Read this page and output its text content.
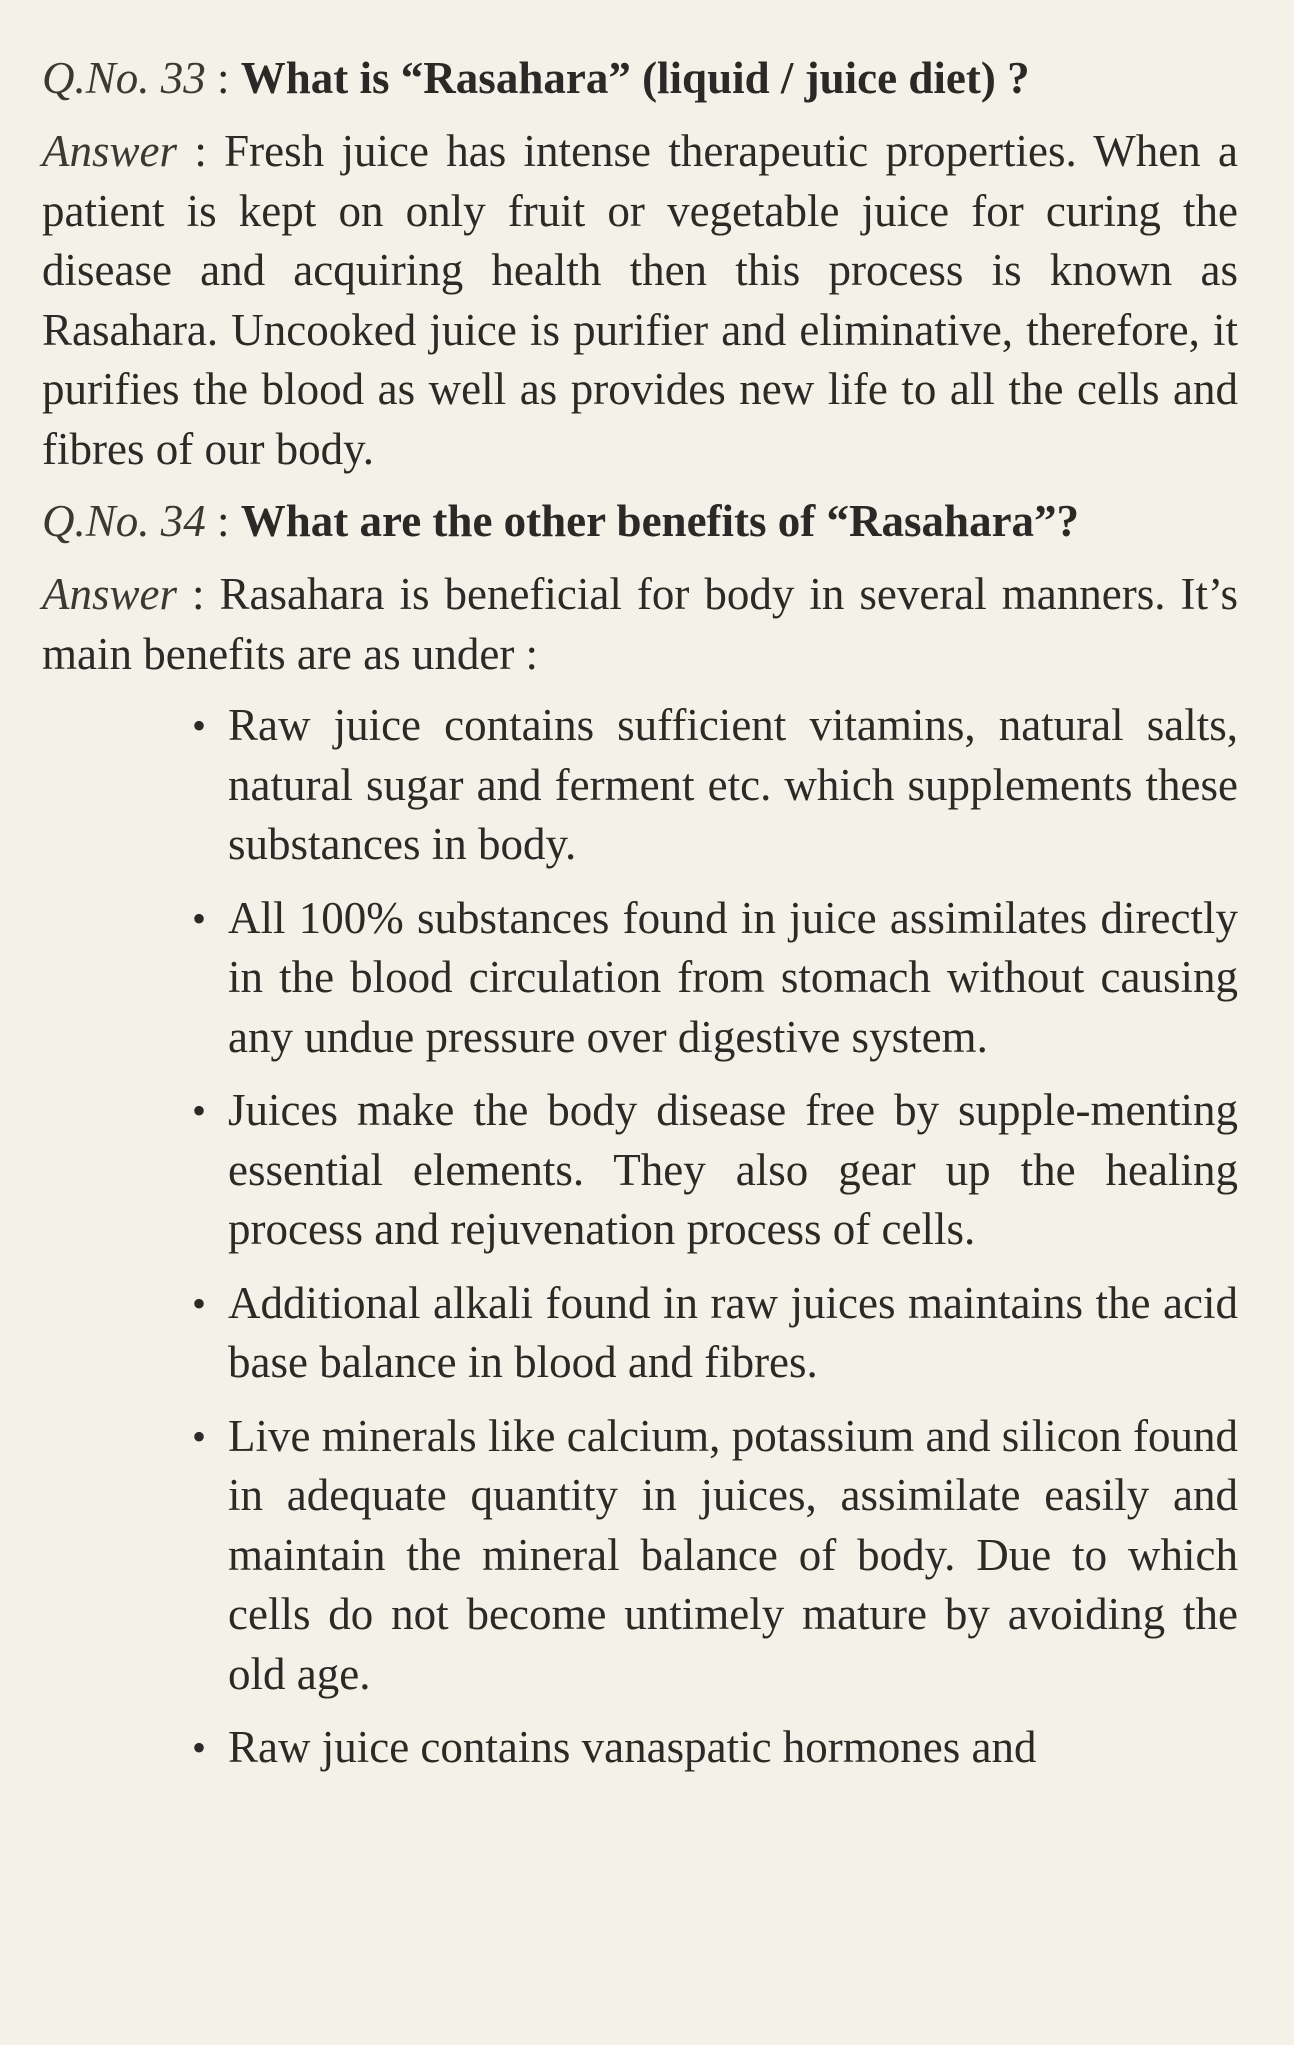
Q.No. 33 : What is “Rasahara” (liquid / juice diet) ?

Answer : Fresh juice has intense therapeutic properties. When a patient is kept on only fruit or vegetable juice for curing the disease and acquiring health then this process is known as Rasahara. Uncooked juice is purifier and eliminative, therefore, it purifies the blood as well as provides new life to all the cells and fibres of our body.

Q.No. 34 : What are the other benefits of “Rasahara”?

Answer : Rasahara is beneficial for body in several manners. It’s main benefits are as under :

• Raw juice contains sufficient vitamins, natural salts, natural sugar and ferment etc. which supplements these substances in body.
• All 100% substances found in juice assimilates directly in the blood circulation from stomach without causing any undue pressure over digestive system.
• Juices make the body disease free by supple-menting essential elements. They also gear up the healing process and rejuvenation process of cells.
• Additional alkali found in raw juices maintains the acid base balance in blood and fibres.
• Live minerals like calcium, potassium and silicon found in adequate quantity in juices, assimilate easily and maintain the mineral balance of body. Due to which cells do not become untimely mature by avoiding the old age.
• Raw juice contains vanaspatic hormones and
